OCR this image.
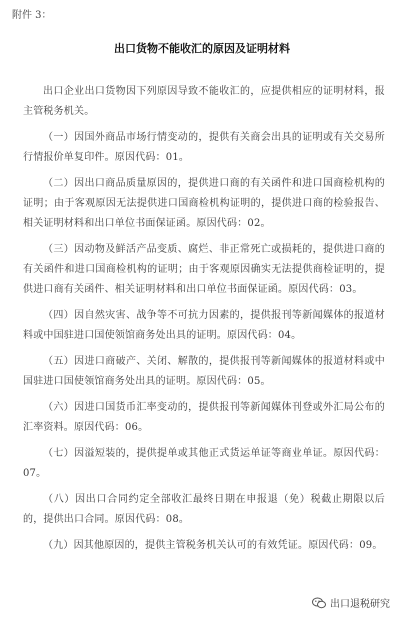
附件 3：
出口货物不能收汇的原因及证明材料

出口企业出口货物因下列原因导致不能收汇的，应提供相应的证明材料，报主管税务机关。

（一）因国外商品市场行情变动的，提供有关商会出具的证明或有关交易所行情报价单复印件。原因代码：01。

（二）因出口商品质量原因的，提供进口商的有关函件和进口国商检机构的证明；由于客观原因无法提供进口国商检机构证明的，提供进口商的检验报告、相关证明材料和出口单位书面保证函。原因代码：02。

（三）因动物及鲜活产品变质、腐烂、非正常死亡或损耗的，提供进口商的有关函件和进口国商检机构的证明；由于客观原因确实无法提供商检证明的，提供进口商有关函件、相关证明材料和出口单位书面保证函。原因代码：03。

（四）因自然灾害、战争等不可抗力因素的，提供报刊等新闻媒体的报道材料或中国驻进口国使领馆商务处出具的证明。原因代码：04。

（五）因进口商破产、关闭、解散的，提供报刊等新闻媒体的报道材料或中国驻进口国使领馆商务处出具的证明。原因代码：05。

（六）因进口国货币汇率变动的，提供报刊等新闻媒体刊登或外汇局公布的汇率资料。原因代码：06。

（七）因溢短装的，提供提单或其他正式货运单证等商业单证。原因代码：07。

（八）因出口合同约定全部收汇最终日期在申报退（免）税截止期限以后的，提供出口合同。原因代码：08。

（九）因其他原因的，提供主管税务机关认可的有效凭证。原因代码：09。

出口退税研究
